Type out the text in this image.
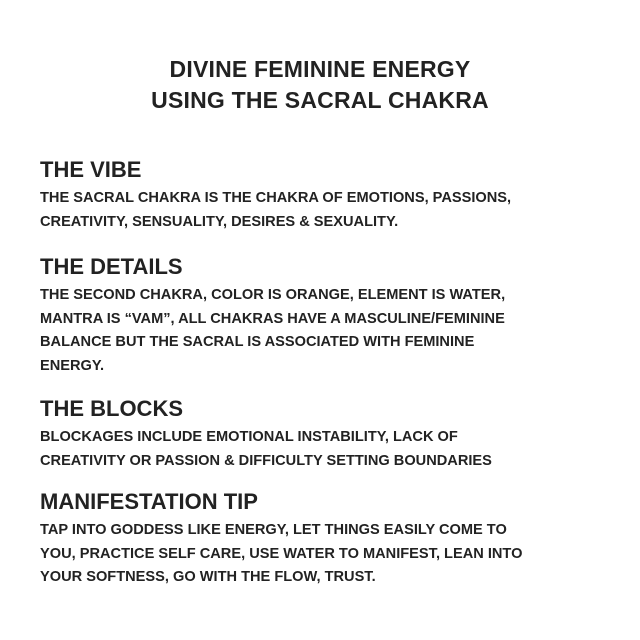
DIVINE FEMININE ENERGY
USING THE SACRAL CHAKRA
THE VIBE
THE SACRAL CHAKRA IS THE CHAKRA OF EMOTIONS, PASSIONS,
CREATIVITY, SENSUALITY, DESIRES & SEXUALITY.
THE DETAILS
THE SECOND CHAKRA, COLOR IS ORANGE, ELEMENT IS WATER,
MANTRA IS “VAM”, ALL CHAKRAS HAVE A MASCULINE/FEMININE
BALANCE BUT THE SACRAL IS ASSOCIATED WITH FEMININE
ENERGY.
THE BLOCKS
BLOCKAGES INCLUDE EMOTIONAL INSTABILITY, LACK OF
CREATIVITY OR PASSION & DIFFICULTY SETTING BOUNDARIES
MANIFESTATION TIP
TAP INTO GODDESS LIKE ENERGY, LET THINGS EASILY COME TO
YOU, PRACTICE SELF CARE, USE WATER TO MANIFEST, LEAN INTO
YOUR SOFTNESS, GO WITH THE FLOW, TRUST.
